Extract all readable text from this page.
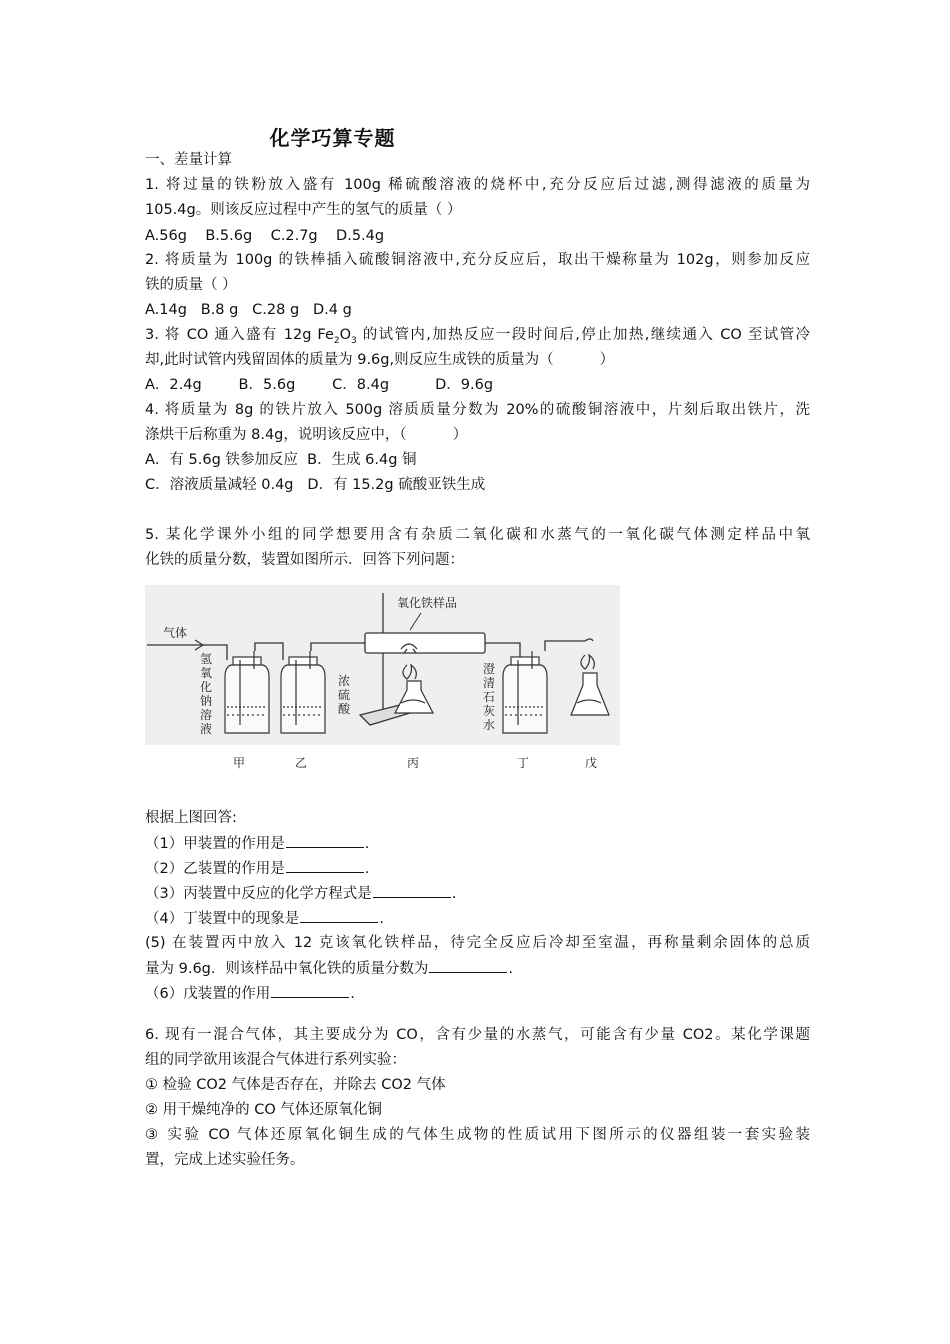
化学巧算专题
一、差量计算
1. 将过量的铁粉放入盛有 100g 稀硫酸溶液的烧杯中,充分反应后过滤,测得滤液的质量为
105.4g。则该反应过程中产生的氢气的质量（ ）
A.56g    B.5.6g    C.2.7g    D.5.4g
2. 将质量为 100g 的铁棒插入硫酸铜溶液中,充分反应后，取出干燥称量为 102g，则参加反应
铁的质量（ ）
A.14g   B.8 g   C.28 g   D.4 g
3. 将 CO 通入盛有 12g $Fe_2O_3$ 的试管内,加热反应一段时间后,停止加热,继续通入 CO 至试管冷
却,此时试管内残留固体的质量为 9.6g,则反应生成铁的质量为（          ）
A．2.4g        B．5.6g        C．8.4g          D．9.6g
4. 将质量为 8g 的铁片放入 500g 溶质质量分数为 20%的硫酸铜溶液中，片刻后取出铁片，洗
涤烘干后称重为 8.4g，说明该反应中，（          ）
A．有 5.6g 铁参加反应  B．生成 6.4g 铜
C．溶液质量减轻 0.4g   D．有 15.2g 硫酸亚铁生成
5. 某化学课外小组的同学想要用含有杂质二氧化碳和水蒸气的一氧化碳气体测定样品中氧
化铁的质量分数，装置如图所示．回答下列问题：
根据上图回答:
（1）甲装置的作用是	.
（2）乙装置的作用是	.
（3）丙装置中反应的化学方程式是	.
（4）丁装置中的现象是	.
(5) 在装置丙中放入 12 克该氧化铁样品，待完全反应后冷却至室温，再称量剩余固体的总质
量为 9.6g．则该样品中氧化铁的质量分数为	.
（6）戊装置的作用	.
6. 现有一混合气体，其主要成分为 CO，含有少量的水蒸气，可能含有少量 CO2。某化学课题
组的同学欲用该混合气体进行系列实验：
① 检验 CO2 气体是否存在，并除去 CO2 气体
② 用干燥纯净的 CO 气体还原氧化铜
③ 实验 CO 气体还原氧化铜生成的气体生成物的性质试用下图所示的仪器组装一套实验装
置，完成上述实验任务。
气体
氢
氧
化
钠
溶
液
浓
硫
酸
氧化铁样品
澄
清
石
灰
水
甲	乙	丙	丁	戊
